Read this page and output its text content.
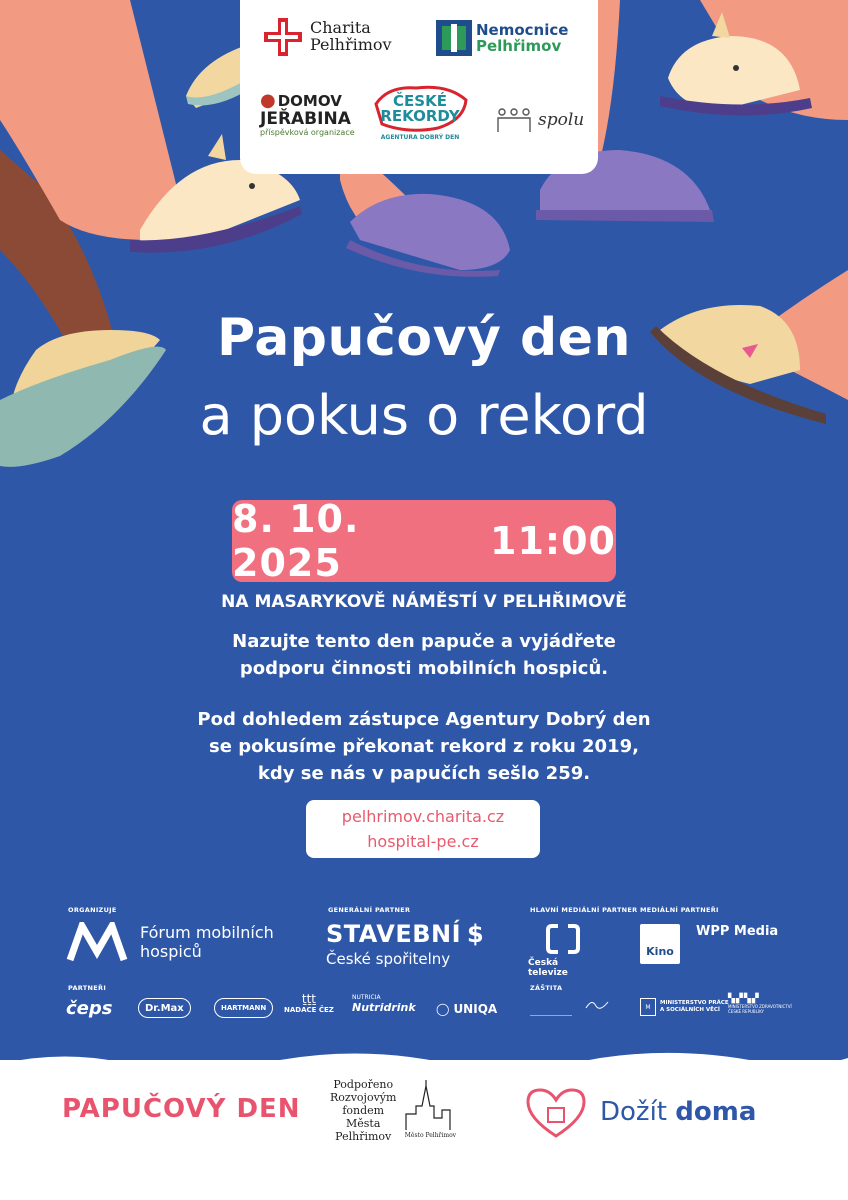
Charita
Pelhřimov
Nemocnice
Pelhřimov
● DOMOV
JEŘABINA
příspěvková organizace
ČESKÉ
REKORDY
AGENTURA DOBRÝ DEN
spolu
Papučový den
a pokus o rekord
8. 10. 2025	11:00
NA MASARYKOVĚ NÁMĚSTÍ V PELHŘIMOVĚ
Nazujte tento den papuče a vyjádřete
podporu činnosti mobilních hospiců.
Pod dohledem zástupce Agentury Dobrý den
se pokusíme překonat rekord z roku 2019,
kdy se nás v papučích sešlo 259.
pelhrimov.charita.cz
hospital-pe.cz
ORGANIZUJE	GENERÁLNÍ PARTNER	HLAVNÍ MEDIÁLNÍ PARTNER MEDIÁLNÍ PARTNEŘI
PARTNEŘI	ZÁŠTITA
Fórum mobilních
hospiců
STAVEBNÍ $
České spořitelny	Česká televize
Kino
WPP Media
čeps	Dr.Max	HARTMANN
ṯṯṯ
NADACE ČEZ
NUTRICIA
Nutridrink ◯ UNIQA	M
MINISTERSTVO PRÁCE
A SOCIÁLNÍCH VĚCÍ
▚▞▚▞
MINISTERSTVO ZDRAVOTNICTVÍ
ČESKÉ REPUBLIKY
PAPUČOVÝ DEN
Podpořeno
Rozvojovým
fondem
Města
Pelhřimov	Město Pelhřimov
Dožít doma
